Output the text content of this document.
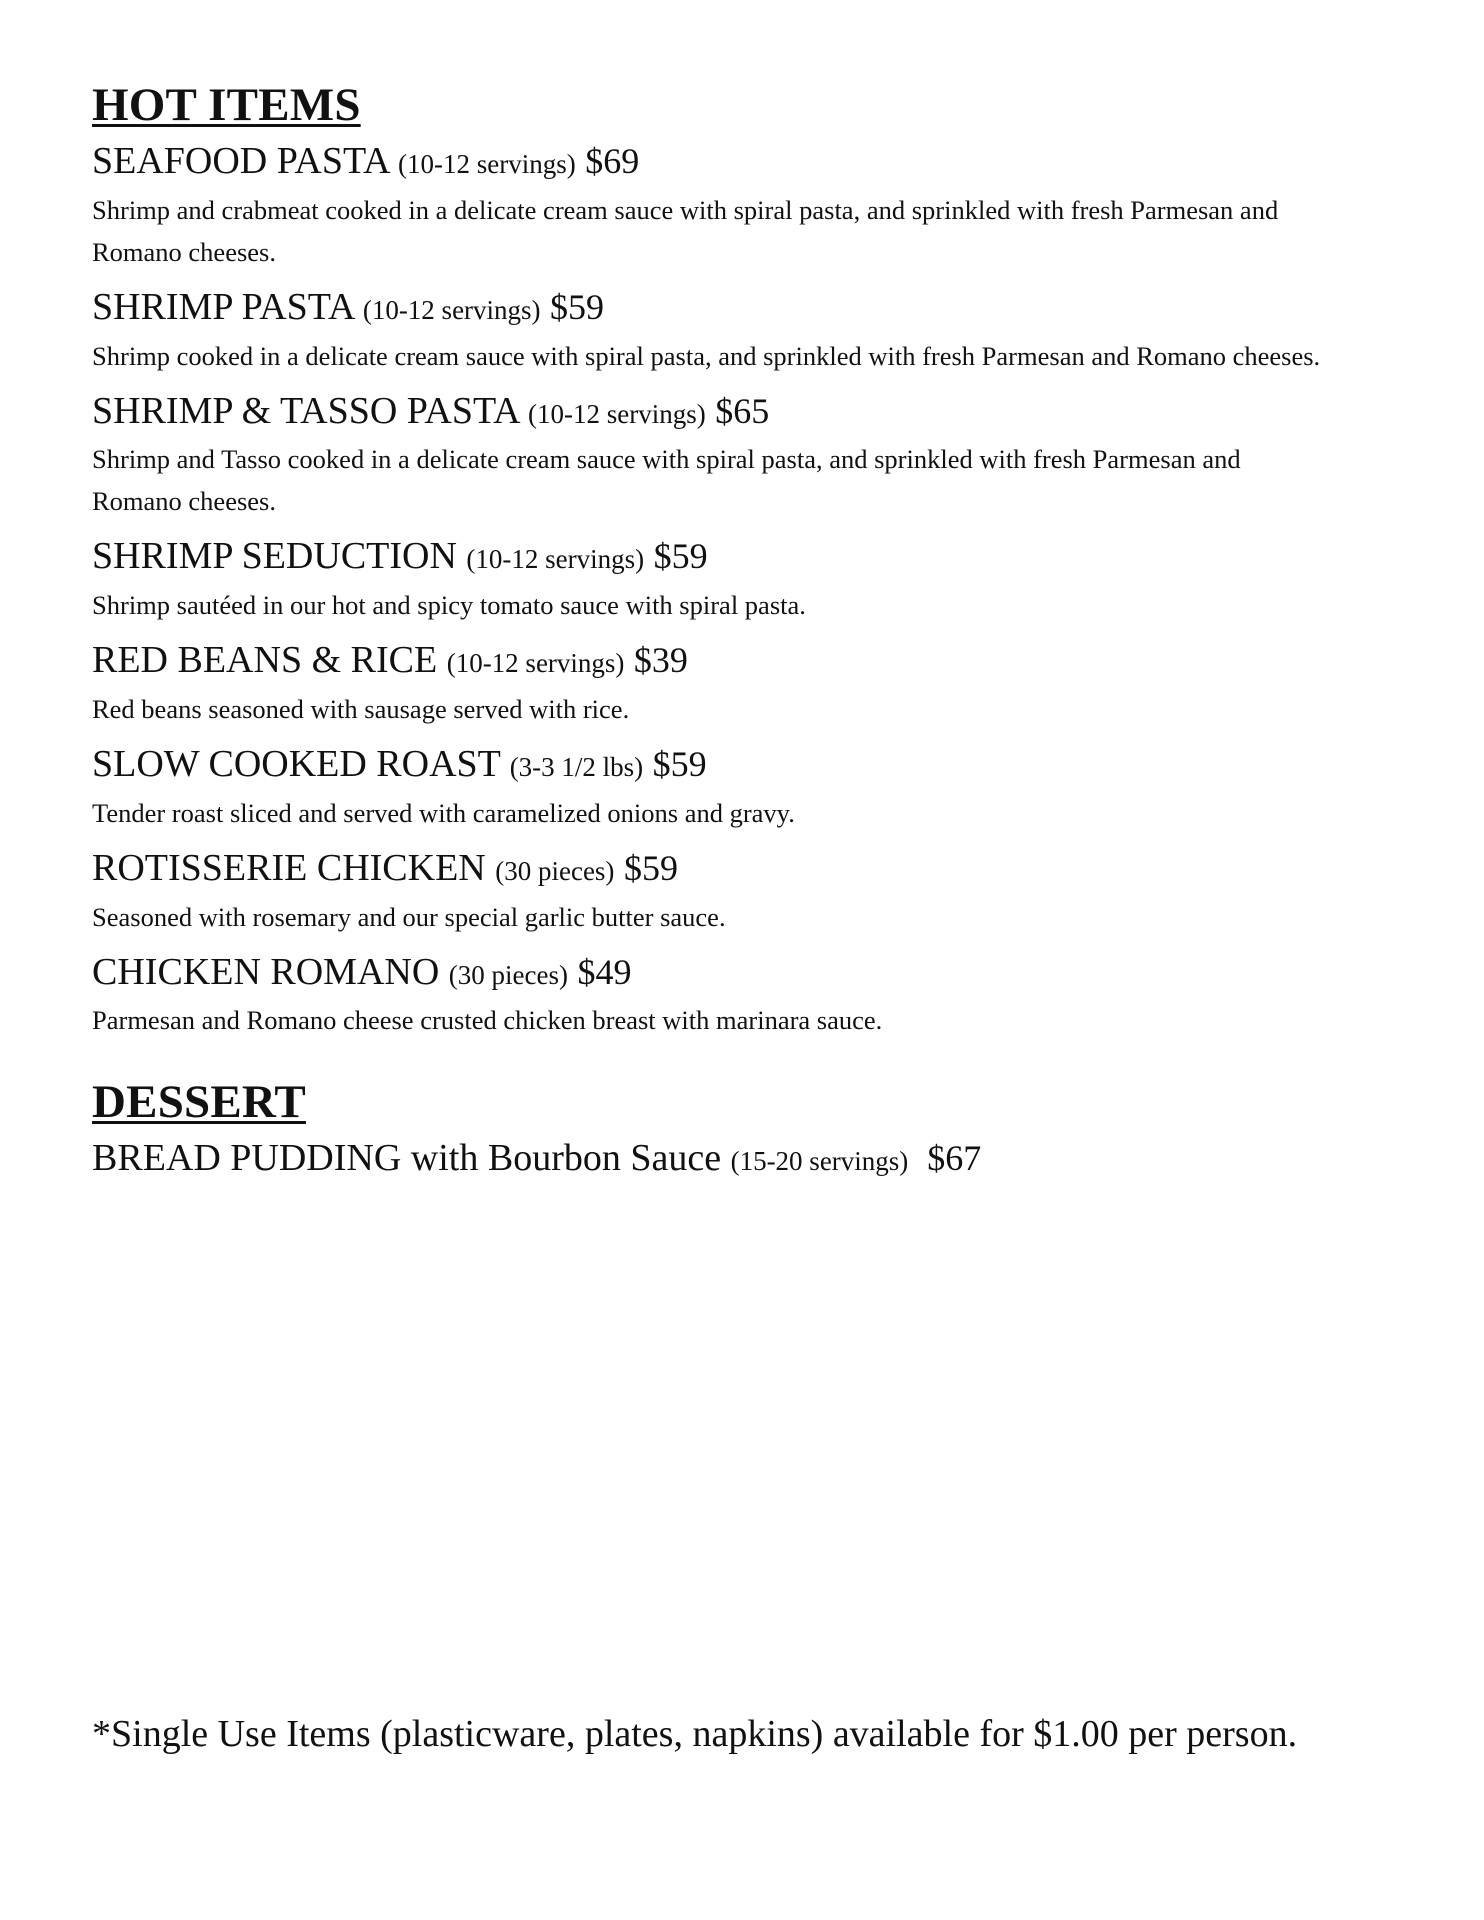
HOT ITEMS
SEAFOOD PASTA (10-12 servings) $69
Shrimp and crabmeat cooked in a delicate cream sauce with spiral pasta, and sprinkled with fresh Parmesan and Romano cheeses.
SHRIMP PASTA (10-12 servings) $59
Shrimp cooked in a delicate cream sauce with spiral pasta, and sprinkled with fresh Parmesan and Romano cheeses.
SHRIMP & TASSO PASTA (10-12 servings) $65
Shrimp and Tasso cooked in a delicate cream sauce with spiral pasta, and sprinkled with fresh Parmesan and Romano cheeses.
SHRIMP SEDUCTION (10-12 servings) $59
Shrimp sautéed in our hot and spicy tomato sauce with spiral pasta.
RED BEANS & RICE (10-12 servings) $39
Red beans seasoned with sausage served with rice.
SLOW COOKED ROAST (3-3 1/2 lbs) $59
Tender roast sliced and served with caramelized onions and gravy.
ROTISSERIE CHICKEN (30 pieces) $59
Seasoned with rosemary and our special garlic butter sauce.
CHICKEN ROMANO (30 pieces) $49
Parmesan and Romano cheese crusted chicken breast with marinara sauce.
DESSERT
BREAD PUDDING with Bourbon Sauce (15-20 servings) $67
*Single Use Items (plasticware, plates, napkins) available for $1.00 per person.
